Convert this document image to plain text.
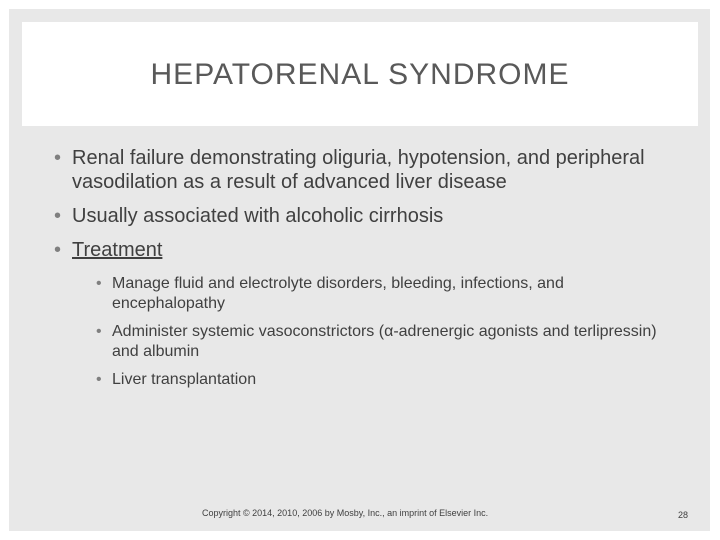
HEPATORENAL SYNDROME
• Renal failure demonstrating oliguria, hypotension, and peripheral vasodilation as a result of advanced liver disease
• Usually associated with alcoholic cirrhosis
• Treatment
• Manage fluid and electrolyte disorders, bleeding, infections, and encephalopathy
• Administer systemic vasoconstrictors (α-adrenergic agonists and terlipressin) and albumin
• Liver transplantation
Copyright © 2014, 2010, 2006 by Mosby, Inc., an imprint of Elsevier Inc.	28
